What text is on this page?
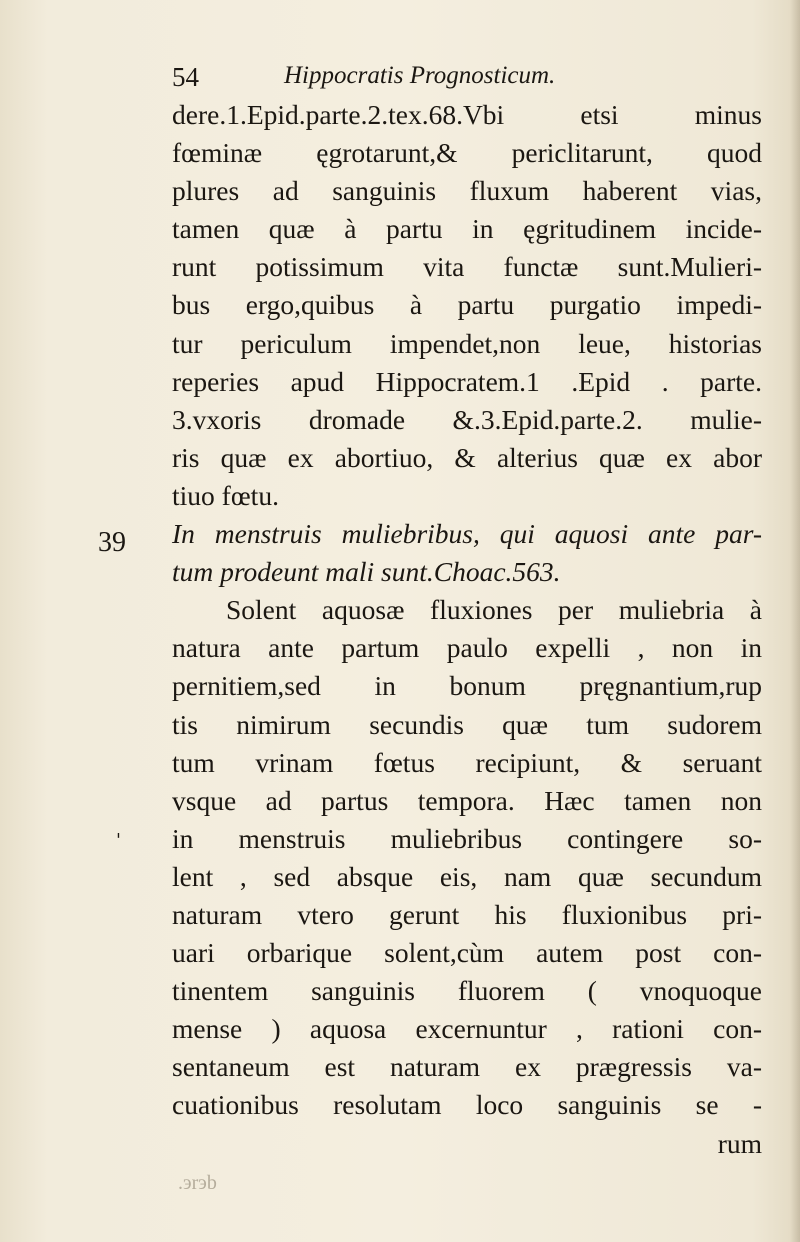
54	Hippocratis Prognosticum.
39
'
dere.1.Epid.parte.2.tex.68.Vbi etsi minus
fœminæ ęgrotarunt,& periclitarunt, quod
plures ad sanguinis fluxum haberent vias,
tamen quæ à partu in ęgritudinem incide-
runt potissimum vita functæ sunt.Mulieri-
bus ergo,quibus à partu purgatio impedi-
tur periculum impendet,non leue, historias
reperies apud Hippocratem.1 .Epid . parte.
3.vxoris dromade &.3.Epid.parte.2. mulie-
ris quæ ex abortiuo, & alterius quæ ex abor
tiuo fœtu.
In menstruis muliebribus, qui aquosi ante par-
tum prodeunt mali sunt.Choac.563.
Solent aquosæ fluxiones per muliebria à
natura ante partum paulo expelli , non in
pernitiem,sed in bonum pręgnantium,rup
tis nimirum secundis quæ tum sudorem
tum vrinam fœtus recipiunt, & seruant
vsque ad partus tempora. Hæc tamen non
in menstruis muliebribus contingere so-
lent , sed absque eis, nam quæ secundum
naturam vtero gerunt his fluxionibus pri-
uari orbarique solent,cùm autem post con-
tinentem sanguinis fluorem ( vnoquoque
mense ) aquosa excernuntur , rationi con-
sentaneum est naturam ex prægressis va-
cuationibus resolutam loco sanguinis se -
rum
.эrэb
